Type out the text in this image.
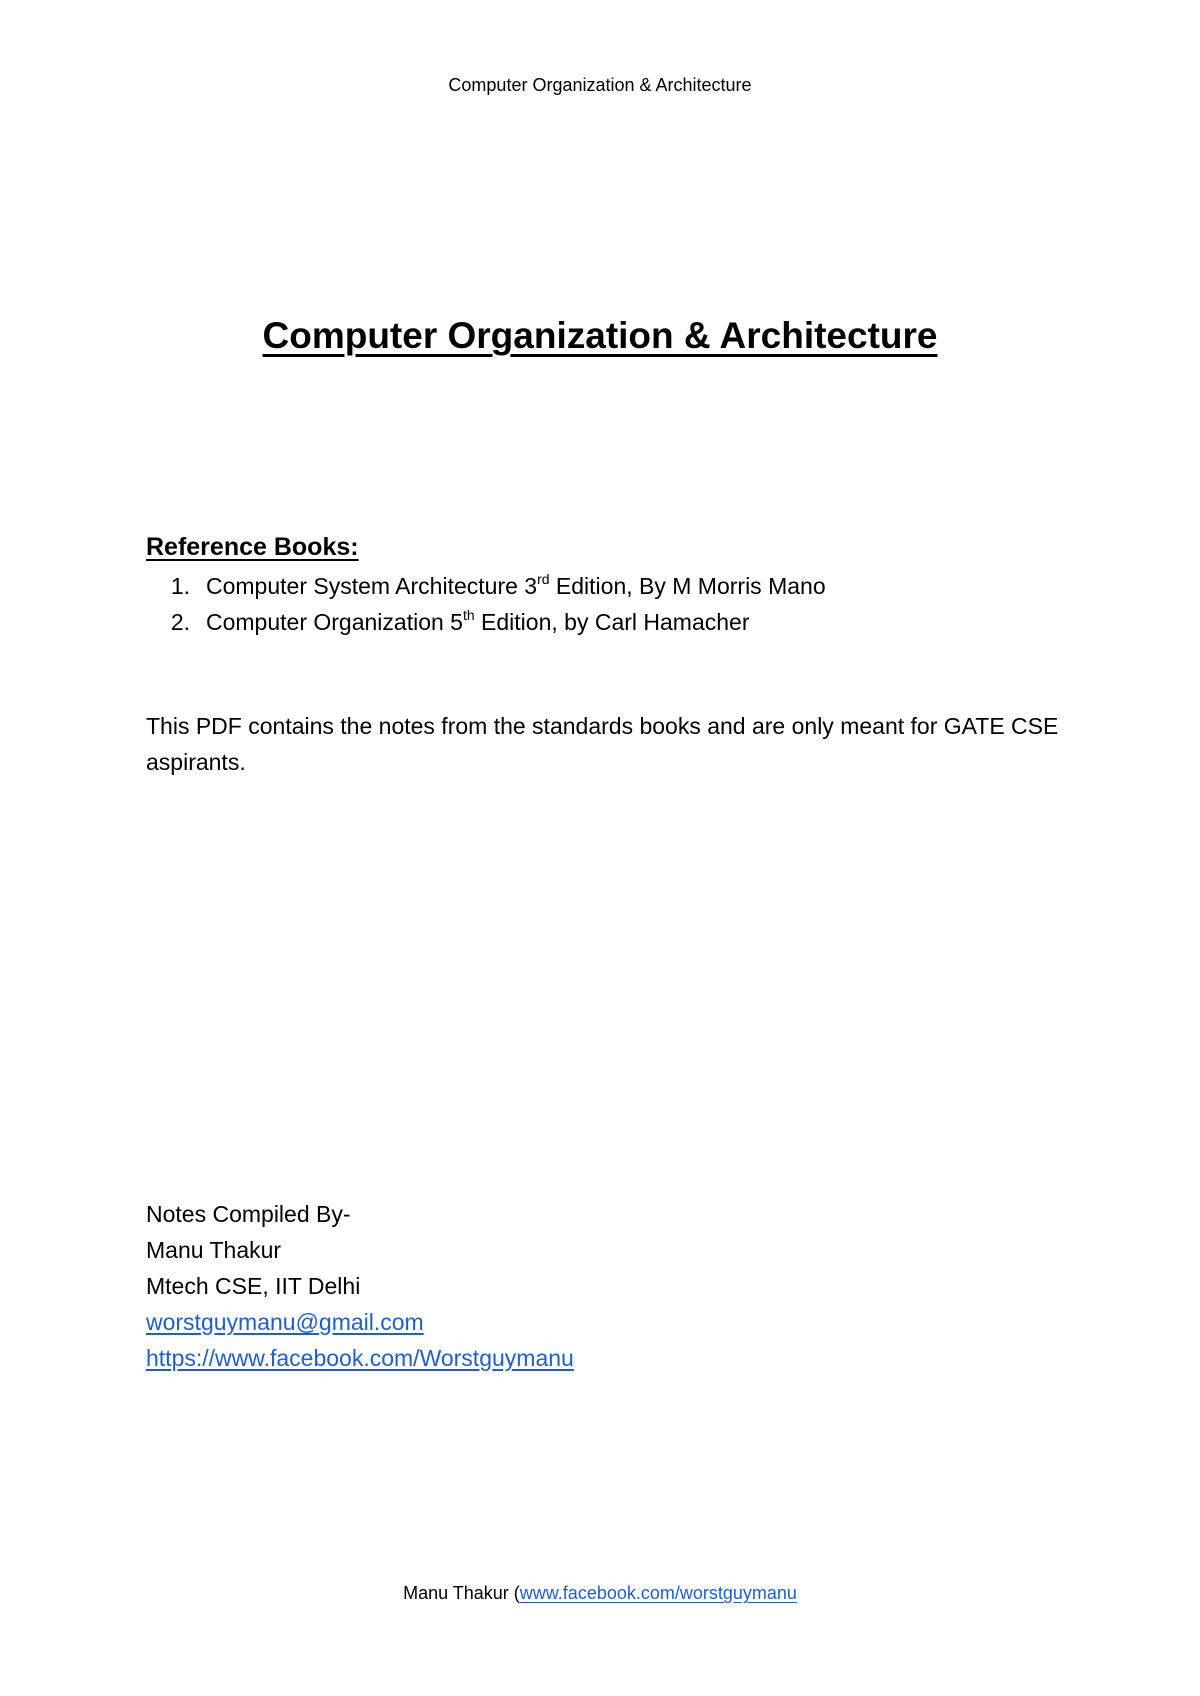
Computer Organization & Architecture
Computer Organization & Architecture
Reference Books:
1. Computer System Architecture 3rd Edition, By M Morris Mano
2. Computer Organization 5th Edition, by Carl Hamacher
This PDF contains the notes from the standards books and are only meant for GATE CSE aspirants.
Notes Compiled By-
Manu Thakur
Mtech CSE, IIT Delhi
worstguymanu@gmail.com
https://www.facebook.com/Worstguymanu
Manu Thakur (www.facebook.com/worstguymanu
